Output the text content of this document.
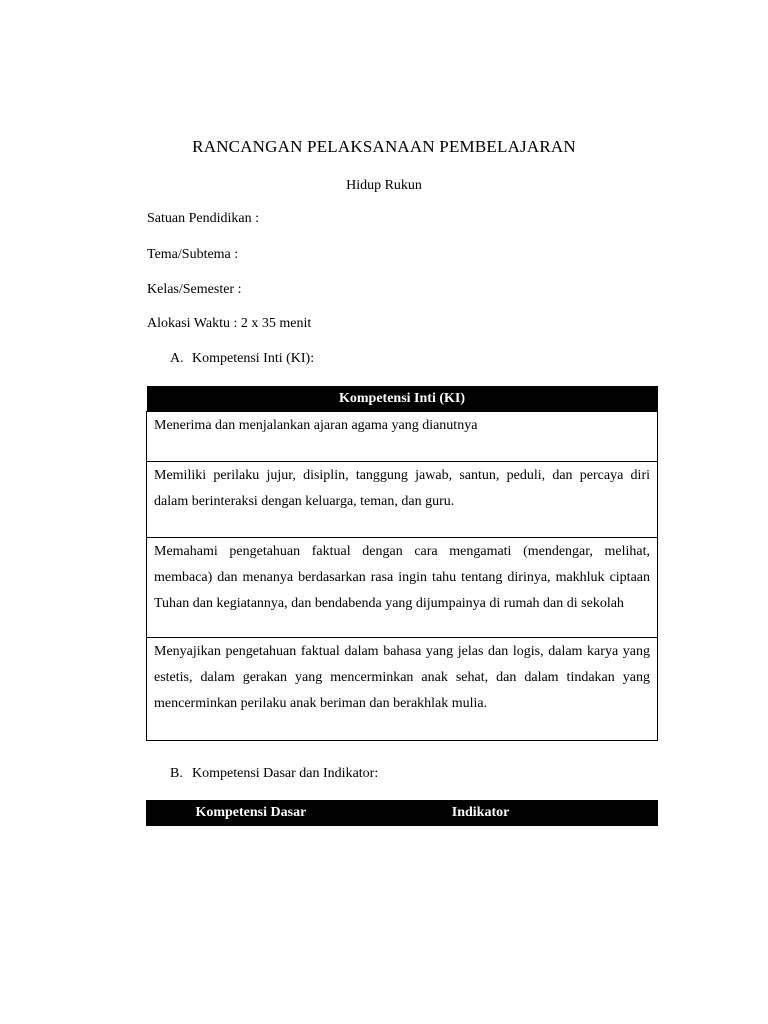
RANCANGAN PELAKSANAAN PEMBELAJARAN
Hidup Rukun
Satuan Pendidikan :
Tema/Subtema :
Kelas/Semester :
Alokasi Waktu : 2 x 35 menit
A. Kompetensi Inti (KI):
Kompetensi Inti (KI)
Menerima dan menjalankan ajaran agama yang dianutnya
Memiliki perilaku jujur, disiplin, tanggung jawab, santun, peduli, dan percaya diri dalam berinteraksi dengan keluarga, teman, dan guru.
Memahami pengetahuan faktual dengan cara mengamati (mendengar, melihat, membaca) dan menanya berdasarkan rasa ingin tahu tentang dirinya, makhluk ciptaan Tuhan dan kegiatannya, dan bendabenda yang dijumpainya di rumah dan di sekolah
Menyajikan pengetahuan faktual dalam bahasa yang jelas dan logis, dalam karya yang estetis, dalam gerakan yang mencerminkan anak sehat, dan dalam tindakan yang mencerminkan perilaku anak beriman dan berakhlak mulia.
B. Kompetensi Dasar dan Indikator:
Kompetensi Dasar	Indikator
